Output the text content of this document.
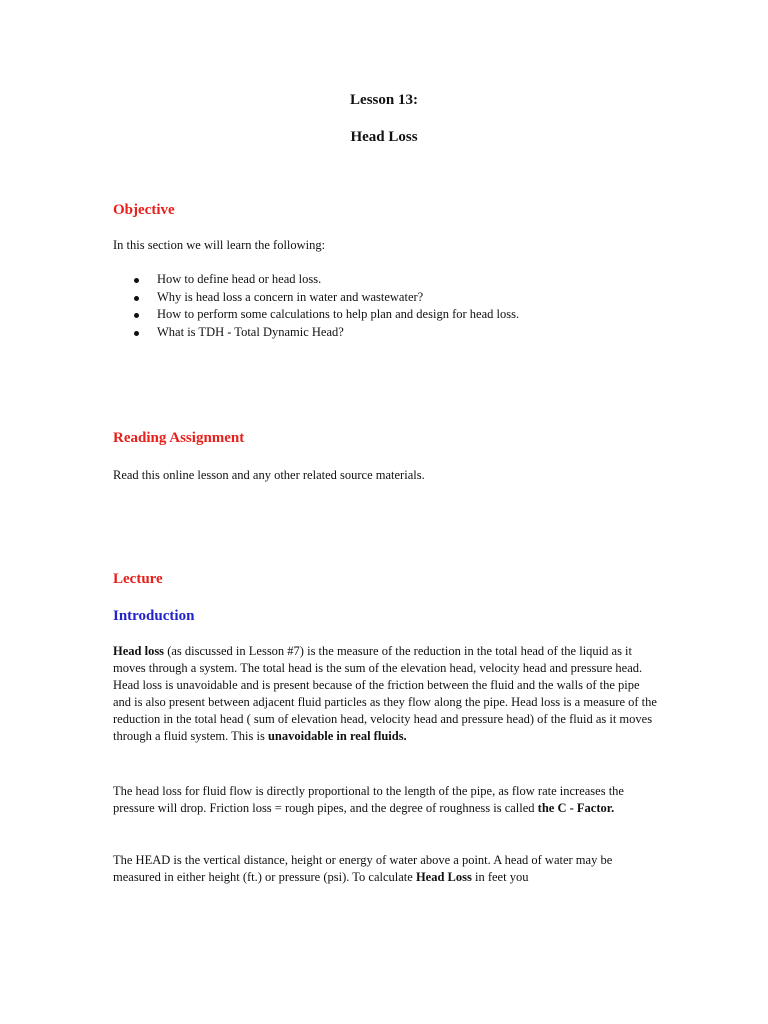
Lesson 13:
Head Loss
Objective

In this section we will learn the following:

How to define head or head loss.
Why is head loss a concern in water and wastewater?
How to perform some calculations to help plan and design for head loss.
What is TDH - Total Dynamic Head?
Reading Assignment

Read this online lesson and any other related source materials.

Lecture
Introduction

Head loss (as discussed in Lesson #7) is the measure of the reduction in the total head of the liquid as it moves through a system. The total head is the sum of the elevation head, velocity head and pressure head. Head loss is unavoidable and is present because of the friction between the fluid and the walls of the pipe and is also present between adjacent fluid particles as they flow along the pipe. Head loss is a measure of the reduction in the total head ( sum of elevation head, velocity head and pressure head) of the fluid as it moves through a fluid system. This is unavoidable in real fluids.

The head loss for fluid flow is directly proportional to the length of the pipe, as flow rate increases the pressure will drop. Friction loss = rough pipes, and the degree of roughness is called the C - Factor.

The HEAD is the vertical distance, height or energy of water above a point. A head of water may be measured in either height (ft.) or pressure (psi). To calculate Head Loss in feet you
